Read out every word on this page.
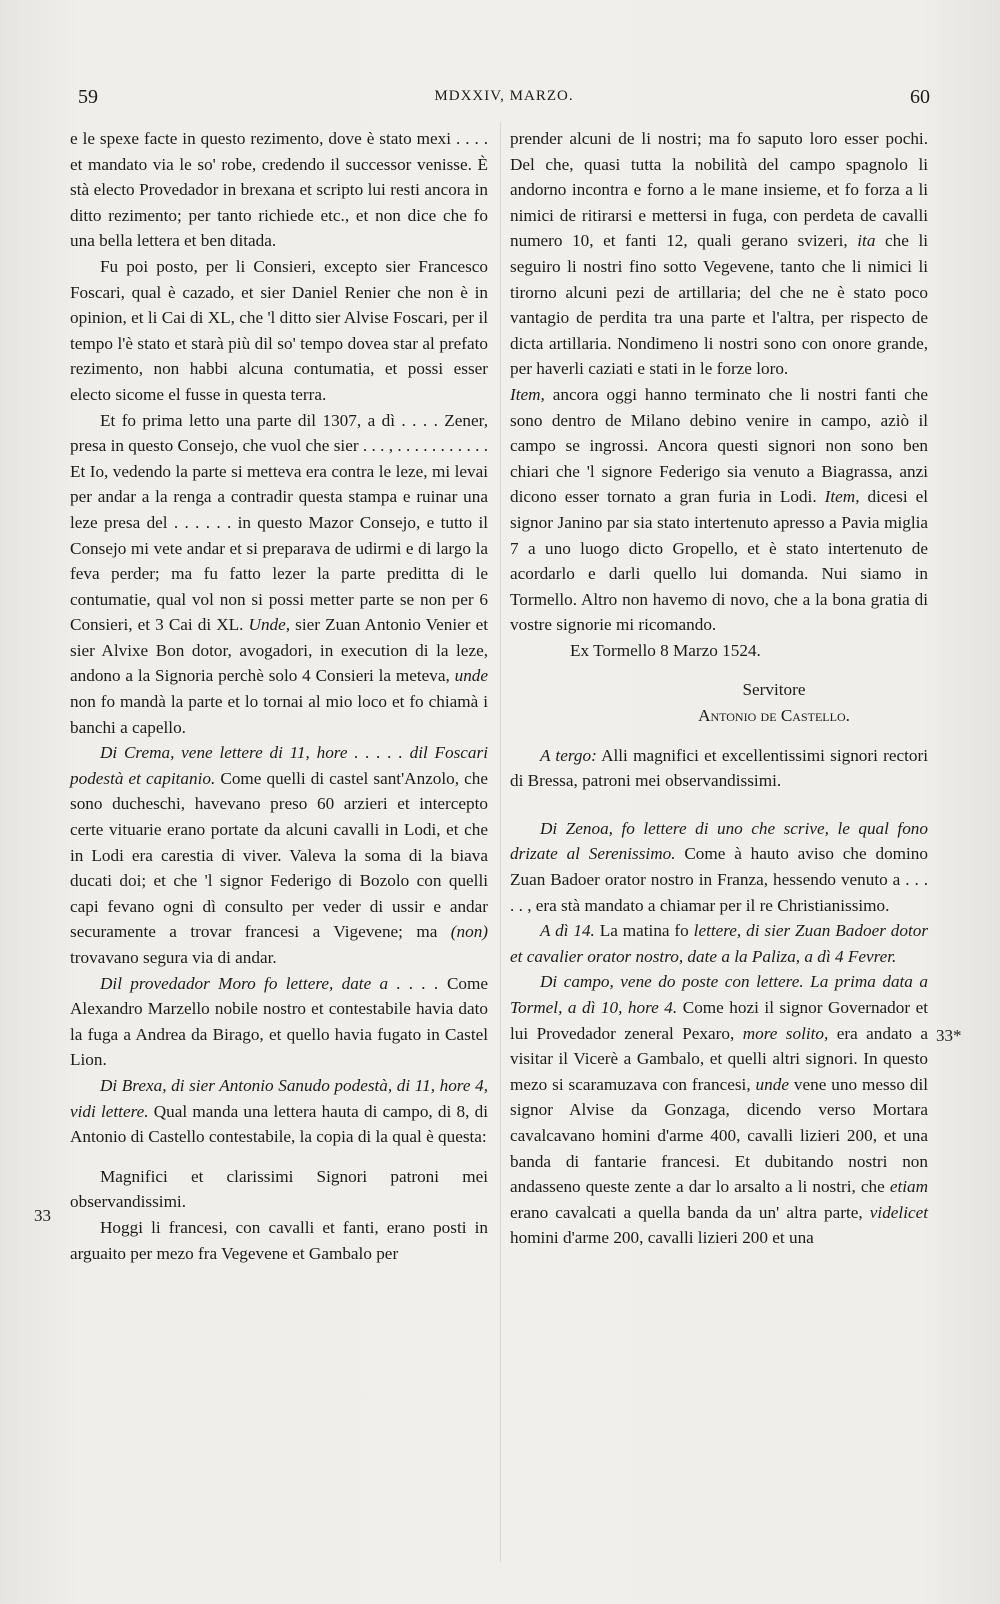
59	MDXXIV, MARZO.	60
33
33*

e le spexe facte in questo rezimento, dove è stato mexi . . . . et mandato via le so' robe, credendo il successor venisse. È stà electo Provedador in brexana et scripto lui resti ancora in ditto rezimento; per tanto richiede etc., et non dice che fo una bella lettera et ben ditada.

Fu poi posto, per li Consieri, excepto sier Francesco Foscari, qual è cazado, et sier Daniel Renier che non è in opinion, et li Cai di XL, che 'l ditto sier Alvise Foscari, per il tempo l'è stato et starà più dil so' tempo dovea star al prefato rezimento, non habbi alcuna contumatia, et possi esser electo sicome el fusse in questa terra.

Et fo prima letto una parte dil 1307, a dì . . . . Zener, presa in questo Consejo, che vuol che sier . . . , . . . . . . . . . . . Et Io, vedendo la parte si metteva era contra le leze, mi levai per andar a la renga a contradir questa stampa e ruinar una leze presa del . . . . . . in questo Mazor Consejo, e tutto il Consejo mi vete andar et si preparava de udirmi e di largo la feva perder; ma fu fatto lezer la parte preditta di le contumatie, qual vol non si possi metter parte se non per 6 Consieri, et 3 Cai di XL. Unde, sier Zuan Antonio Venier et sier Alvixe Bon dotor, avogadori, in execution di la leze, andono a la Signoria perchè solo 4 Consieri la meteva, unde non fo mandà la parte et lo tornai al mio loco et fo chiamà i banchi a capello.

Di Crema, vene lettere di 11, hore . . . . . dil Foscari podestà et capitanio. Come quelli di castel sant'Anzolo, che sono ducheschi, havevano preso 60 arzieri et intercepto certe vituarie erano portate da alcuni cavalli in Lodi, et che in Lodi era carestia di viver. Valeva la soma di la biava ducati doi; et che 'l signor Federigo di Bozolo con quelli capi fevano ogni dì consulto per veder di ussir e andar securamente a trovar francesi a Vigevene; ma (non) trovavano segura via di andar.

Dil provedador Moro fo lettere, date a . . . . Come Alexandro Marzello nobile nostro et contestabile havia dato la fuga a Andrea da Birago, et quello havia fugato in Castel Lion.

Di Brexa, di sier Antonio Sanudo podestà, di 11, hore 4, vidi lettere. Qual manda una lettera hauta di campo, di 8, di Antonio di Castello contestabile, la copia di la qual è questa:

Magnifici et clarissimi Signori patroni mei observandissimi.

Hoggi li francesi, con cavalli et fanti, erano posti in arguaito per mezo fra Vegevene et Gambalo per

prender alcuni de li nostri; ma fo saputo loro esser pochi. Del che, quasi tutta la nobilità del campo spagnolo li andorno incontra e forno a le mane insieme, et fo forza a li nimici de ritirarsi e mettersi in fuga, con perdeta de cavalli numero 10, et fanti 12, quali gerano svizeri, ita che li seguiro li nostri fino sotto Vegevene, tanto che li nimici li tirorno alcuni pezi de artillaria; del che ne è stato poco vantagio de perdita tra una parte et l'altra, per rispecto de dicta artillaria. Nondimeno li nostri sono con onore grande, per haverli caziati e stati in le forze loro.

Item, ancora oggi hanno terminato che li nostri fanti che sono dentro de Milano debino venire in campo, aziò il campo se ingrossi. Ancora questi signori non sono ben chiari che 'l signore Federigo sia venuto a Biagrassa, anzi dicono esser tornato a gran furia in Lodi. Item, dicesi el signor Janino par sia stato intertenuto apresso a Pavia miglia 7 a uno luogo dicto Gropello, et è stato intertenuto de acordarlo e darli quello lui domanda. Nui siamo in Tormello. Altro non havemo di novo, che a la bona gratia di vostre signorie mi ricomando.

Ex Tormello 8 Marzo 1524.

Servitore

Antonio de Castello.

A tergo: Alli magnifici et excellentissimi signori rectori di Bressa, patroni mei observandissimi.

Di Zenoa, fo lettere di uno che scrive, le qual fono drizate al Serenissimo. Come à hauto aviso che domino Zuan Badoer orator nostro in Franza, hessendo venuto a . . . . . , era stà mandato a chiamar per il re Christianissimo.

A dì 14. La matina fo lettere, di sier Zuan Badoer dotor et cavalier orator nostro, date a la Paliza, a dì 4 Fevrer.

Di campo, vene do poste con lettere. La prima data a Tormel, a dì 10, hore 4. Come hozi il signor Governador et lui Provedador zeneral Pexaro, more solito, era andato a visitar il Vicerè a Gambalo, et quelli altri signori. In questo mezo si scaramuzava con francesi, unde vene uno messo dil signor Alvise da Gonzaga, dicendo verso Mortara cavalcavano homini d'arme 400, cavalli lizieri 200, et una banda di fantarie francesi. Et dubitando nostri non andasseno queste zente a dar lo arsalto a li nostri, che etiam erano cavalcati a quella banda da un' altra parte, videlicet homini d'arme 200, cavalli lizieri 200 et una
